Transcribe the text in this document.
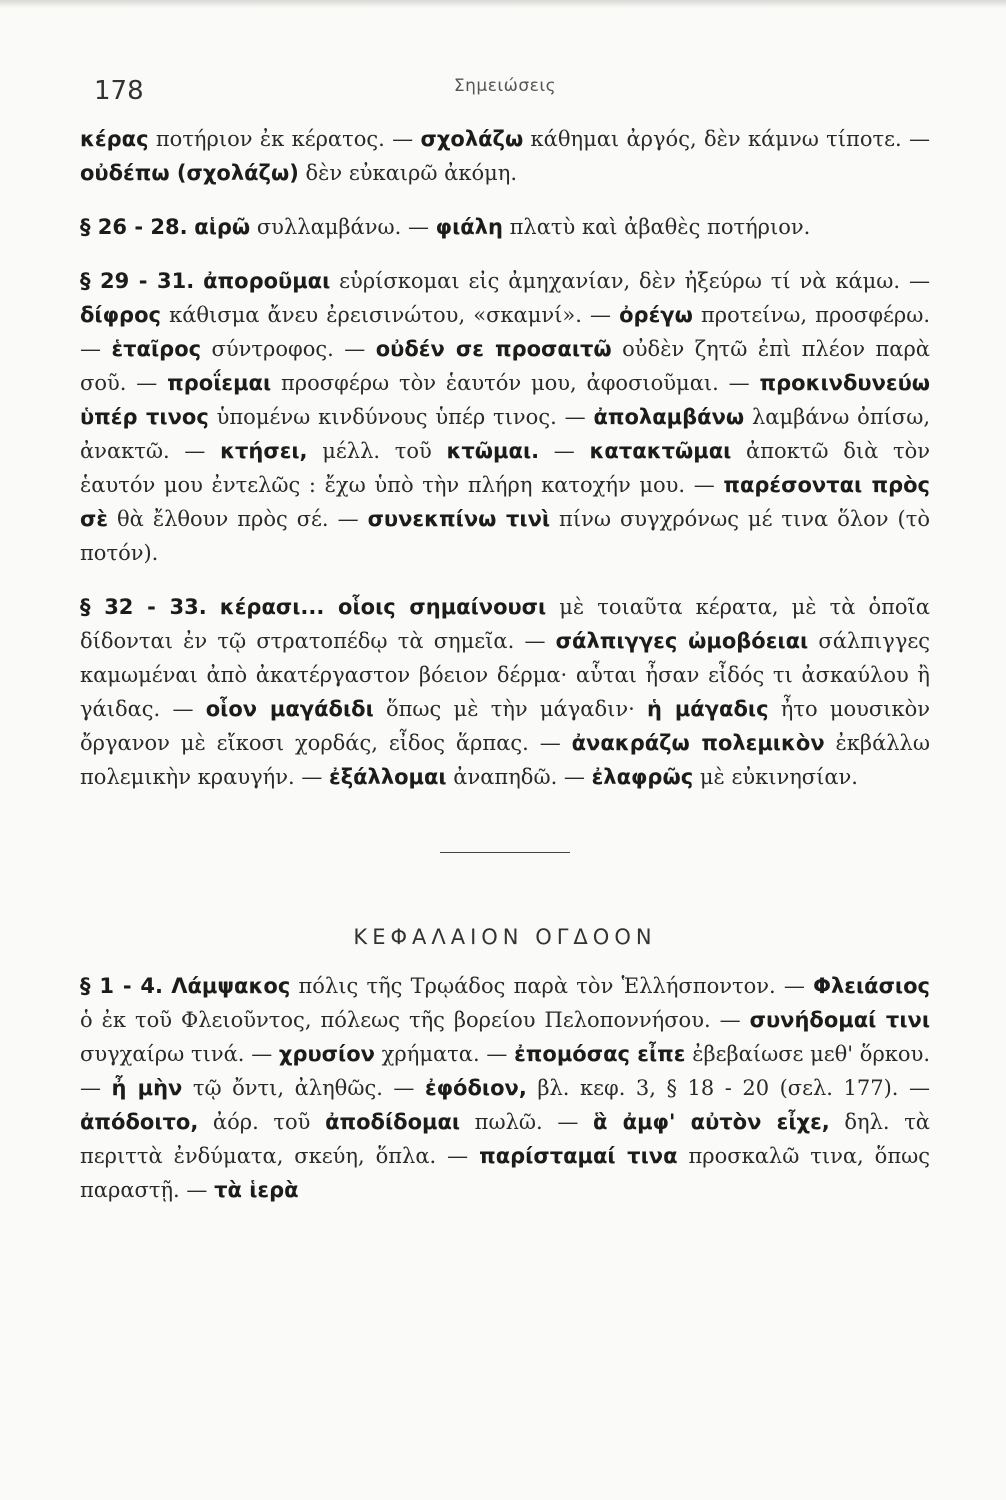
178	Σημειώσεις

κέρας ποτήριον ἐκ κέρατος. — σχολάζω κάθημαι ἀργός, δὲν κάμνω τίποτε. — οὐδέπω (σχολάζω) δὲν εὐκαιρῶ ἀκόμη.

§ 26 - 28. αἱρῶ συλλαμβάνω. — φιάλη πλατὺ καὶ ἀβαθὲς ποτήριον.

§ 29 - 31. ἀποροῦμαι εὑρίσκομαι εἰς ἀμηχανίαν, δὲν ἠξεύρω τί νὰ κάμω. — δίφρος κάθισμα ἄνευ ἐρεισινώτου, «σκαμνί». — ὀρέγω προτείνω, προσφέρω. — ἑταῖρος σύντροφος. — οὐδέν σε προσαιτῶ οὐδὲν ζητῶ ἐπὶ πλέον παρὰ σοῦ. — προΐεμαι προσφέρω τὸν ἑαυτόν μου, ἀφοσιοῦμαι. — προκινδυνεύω ὑπέρ τινος ὑπομένω κινδύνους ὑπέρ τινος. — ἀπολαμβάνω λαμβάνω ὀπίσω, ἀνακτῶ. — κτήσει, μέλλ. τοῦ κτῶμαι. — κατακτῶμαι ἀποκτῶ διὰ τὸν ἑαυτόν μου ἐντελῶς : ἔχω ὑπὸ τὴν πλήρη κατοχήν μου. — παρέσονται πρὸς σὲ θὰ ἔλθουν πρὸς σέ. — συνεκπίνω τινὶ πίνω συγχρόνως μέ τινα ὅλον (τὸ ποτόν).

§ 32 - 33. κέρασι... οἷοις σημαίνουσι μὲ τοιαῦτα κέρατα, μὲ τὰ ὁποῖα δίδονται ἐν τῷ στρατοπέδῳ τὰ σημεῖα. — σάλπιγγες ὠμοβόειαι σάλπιγγες καμωμέναι ἀπὸ ἀκατέργαστον βόειον δέρμα· αὗται ἦσαν εἶδός τι ἀσκαύλου ἢ γάιδας. — οἷον μαγάδιδι ὅπως μὲ τὴν μάγαδιν· ἡ μάγαδις ἦτο μουσικὸν ὄργανον μὲ εἴκοσι χορδάς, εἶδος ἅρπας. — ἀνακράζω πολεμικὸν ἐκβάλλω πολεμικὴν κραυγήν. — ἐξάλλομαι ἀναπηδῶ. — ἐλαφρῶς μὲ εὐκινησίαν.

ΚΕΦΑΛΑΙΟΝ ΟΓΔΟΟΝ

§ 1 - 4. Λάμψακος πόλις τῆς Τρῳάδος παρὰ τὸν Ἑλλήσποντον. — Φλειάσιος ὁ ἐκ τοῦ Φλειοῦντος, πόλεως τῆς βορείου Πελοποννήσου. — συνήδομαί τινι συγχαίρω τινά. — χρυσίον χρήματα. — ἐπομόσας εἶπε ἐβεβαίωσε μεθ' ὅρκου. — ἦ μὴν τῷ ὄντι, ἀληθῶς. — ἐφόδιον, βλ. κεφ. 3, § 18 - 20 (σελ. 177). — ἀπόδοιτο, ἀόρ. τοῦ ἀποδίδομαι πωλῶ. — ἃ ἀμφ' αὐτὸν εἶχε, δηλ. τὰ περιττὰ ἐνδύματα, σκεύη, ὅπλα. — παρίσταμαί τινα προσκαλῶ τινα, ὅπως παραστῇ. — τὰ ἱερὰ
